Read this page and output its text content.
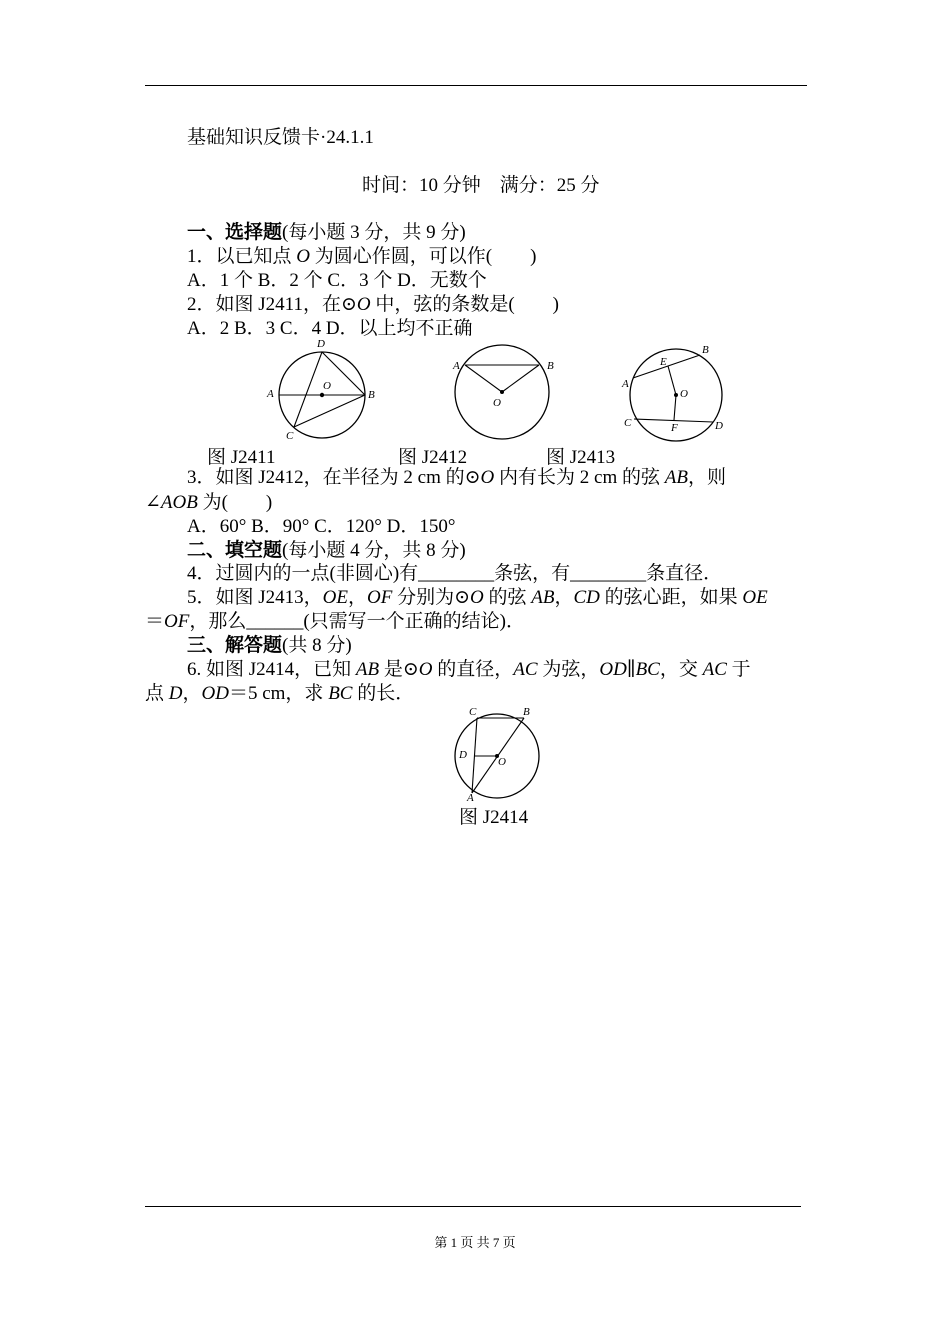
基础知识反馈卡·24.1.1
时间：10 分钟　 满分：25 分
一、选择题(每小题 3 分，共 9 分)
1．以已知点 O 为圆心作圆，可以作(　　)
A．1 个 B．2 个 C．3 个 D．无数个
2．如图 J2411，在⊙O 中，弦的条数是(　　)
A．2 B．3 C．4 D．以上均不正确
A	B
C
D
O
A	B
O
A
B
C	D
E
F
O
图 J2411	图 J2412	图 J2413
3．如图 J2412，在半径为 2 cm 的⊙O 内有长为 2 cm 的弦 AB，则
∠AOB 为(　　)
A．60° B．90° C．120° D．150°
二、填空题(每小题 4 分，共 8 分)
4．过圆内的一点(非圆心)有________条弦，有________条直径．
5．如图 J2413，OE，OF 分别为⊙O 的弦 AB，CD 的弦心距，如果 OE
＝OF，那么______(只需写一个正确的结论)．
三、解答题(共 8 分)
6. 如图 J2414，已知 AB 是⊙O 的直径，AC 为弦，OD∥BC，交 AC 于
点 D，OD＝5 cm，求 BC 的长．
A
B
C
D
O
图 J2414
第 1 页 共 7 页
